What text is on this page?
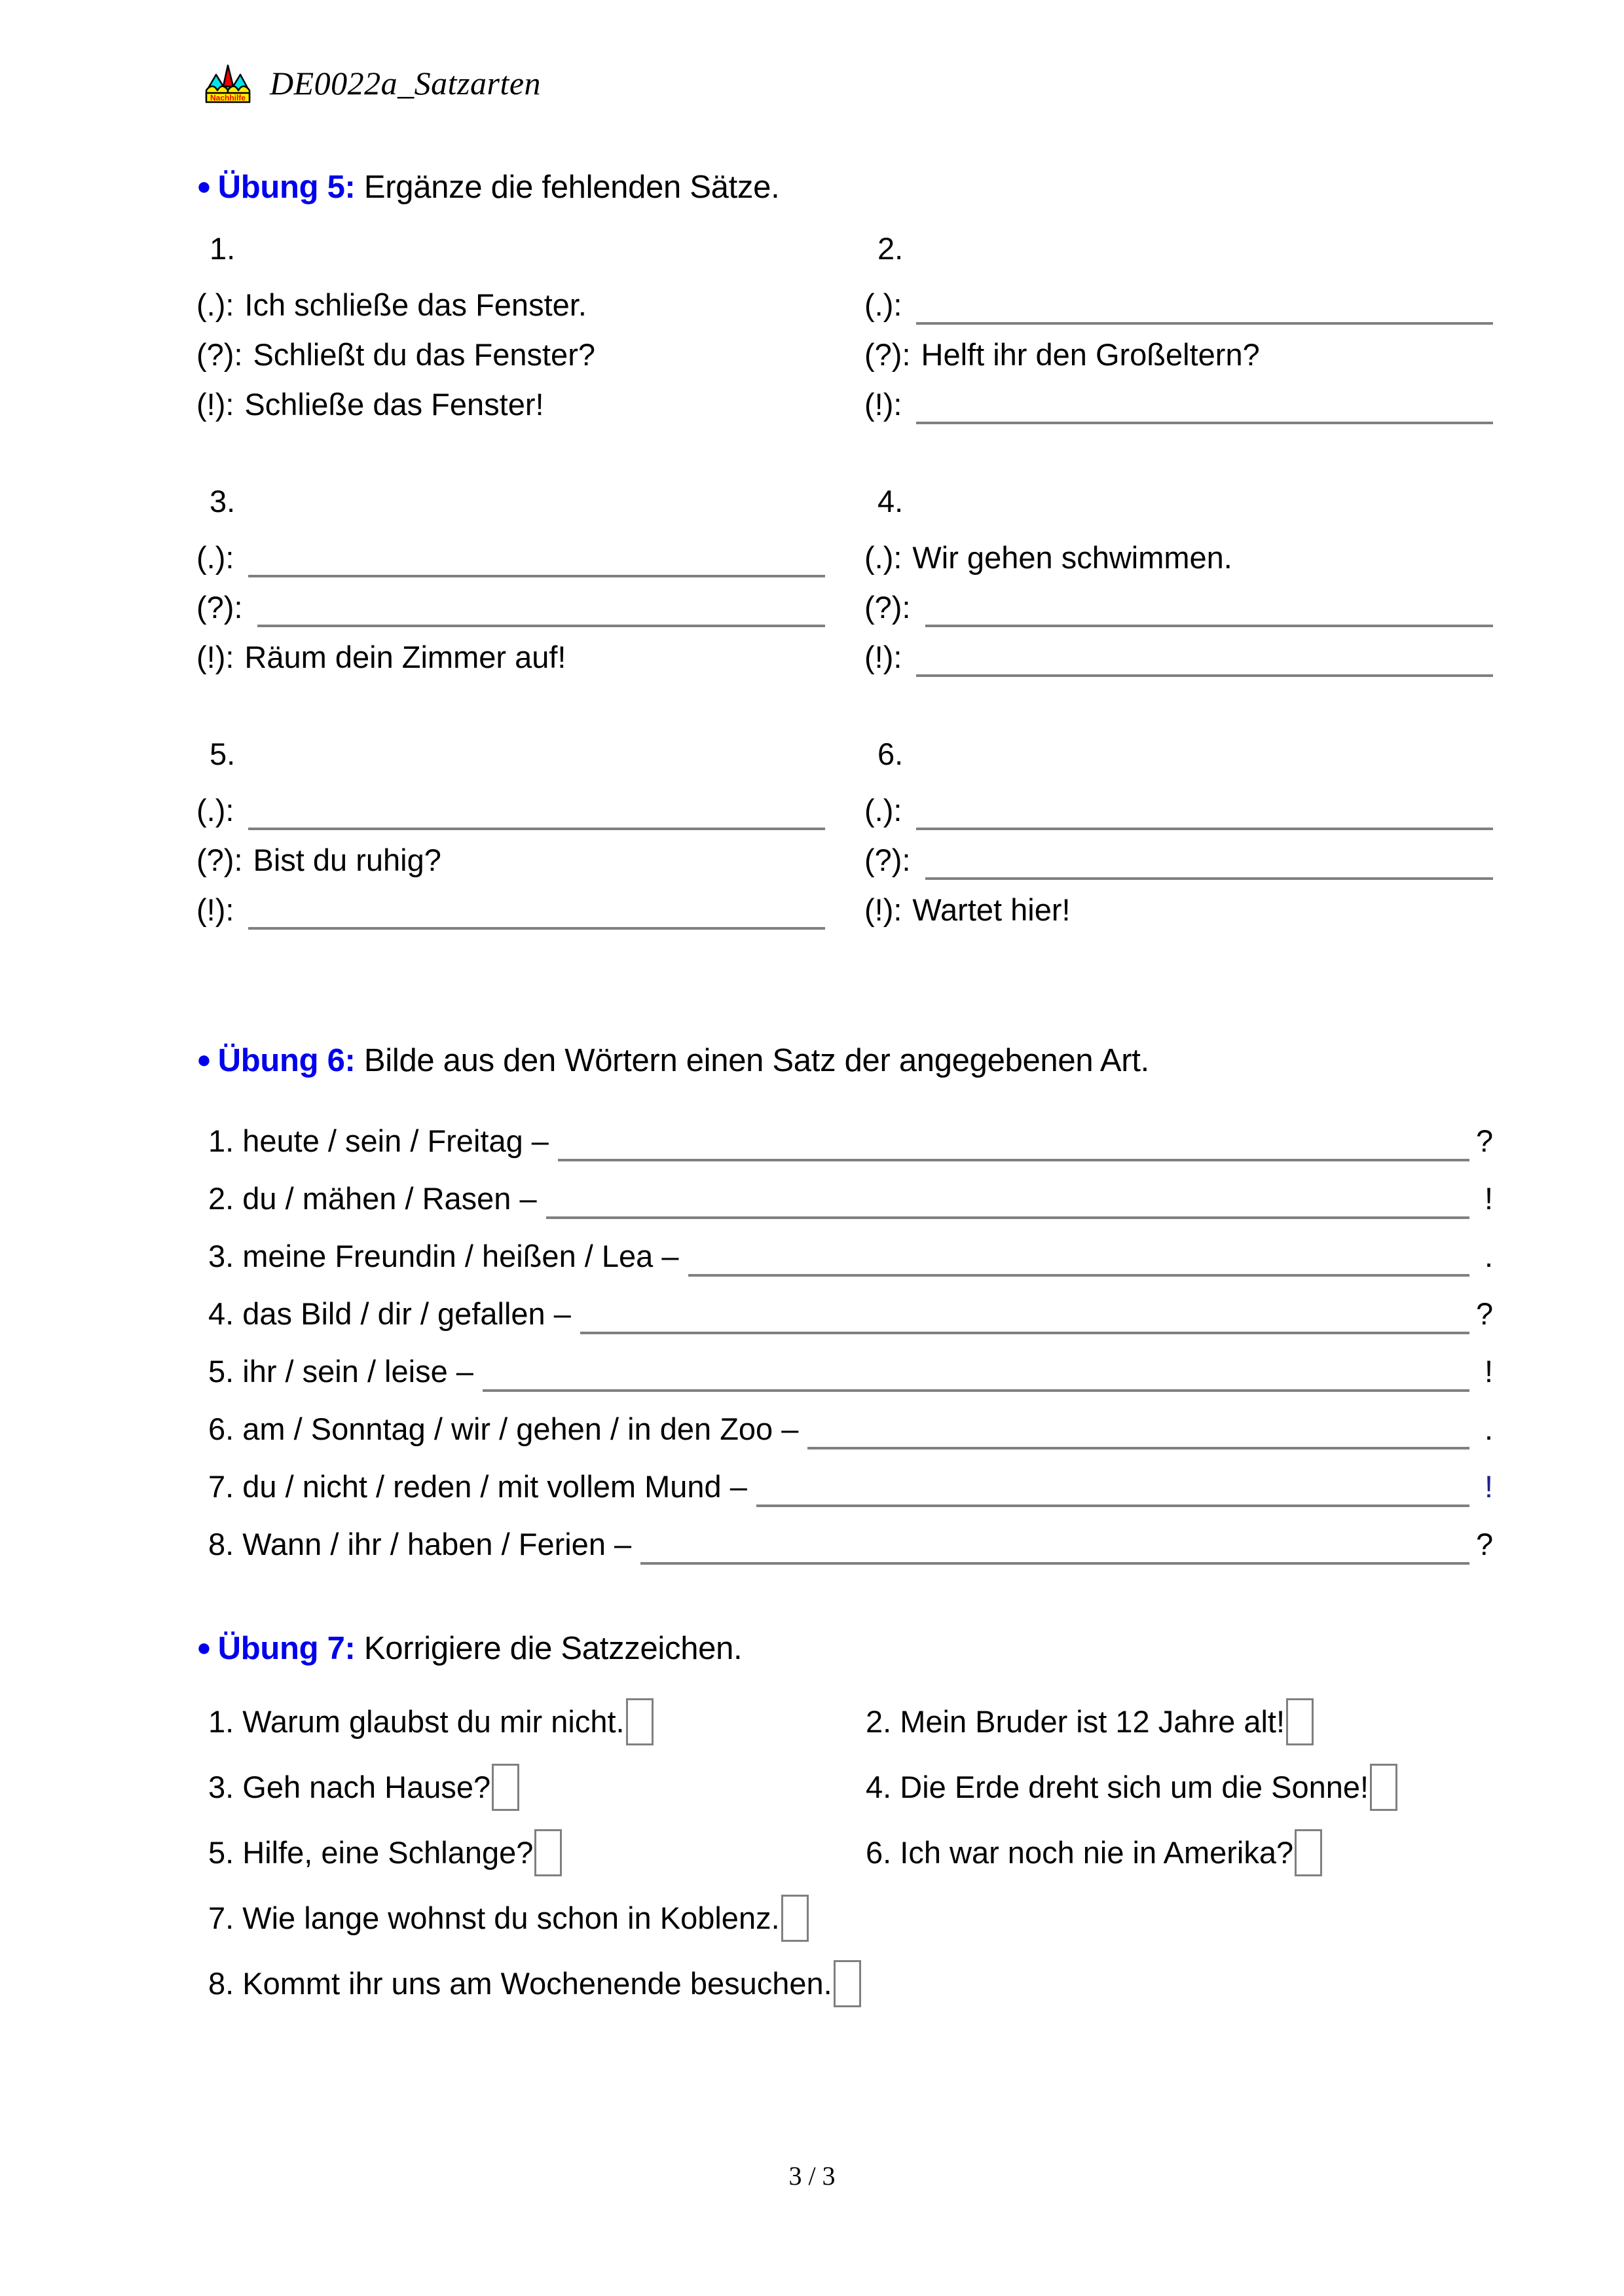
Nachhilfe DE0022a_Satzarten
● Übung 5: Ergänze die fehlenden Sätze.
1.
(.): Ich schließe das Fenster.
(?): Schließt du das Fenster?
(!): Schließe das Fenster!
2.
(.):
(?): Helft ihr den Großeltern?
(!):
3.
(.):
(?):
(!): Räum dein Zimmer auf!
4.
(.): Wir gehen schwimmen.
(?):
(!):
5.
(.):
(?): Bist du ruhig?
(!):
6.
(.):
(?):
(!): Wartet hier!
● Übung 6: Bilde aus den Wörtern einen Satz der angegebenen Art.
1. heute / sein / Freitag –	?
2. du / mähen / Rasen –	!
3. meine Freundin / heißen / Lea –	.
4. das Bild / dir / gefallen –	?
5. ihr / sein / leise –	!
6. am / Sonntag / wir / gehen / in den Zoo –	.
7. du / nicht / reden / mit vollem Mund –	!
8. Wann / ihr / haben / Ferien –	?
● Übung 7: Korrigiere die Satzzeichen.
1. Warum glaubst du mir nicht.	2. Mein Bruder ist 12 Jahre alt!
3. Geh nach Hause?	4. Die Erde dreht sich um die Sonne!
5. Hilfe, eine Schlange?	6. Ich war noch nie in Amerika?
7. Wie lange wohnst du schon in Koblenz.
8. Kommt ihr uns am Wochenende besuchen.
3 / 3
